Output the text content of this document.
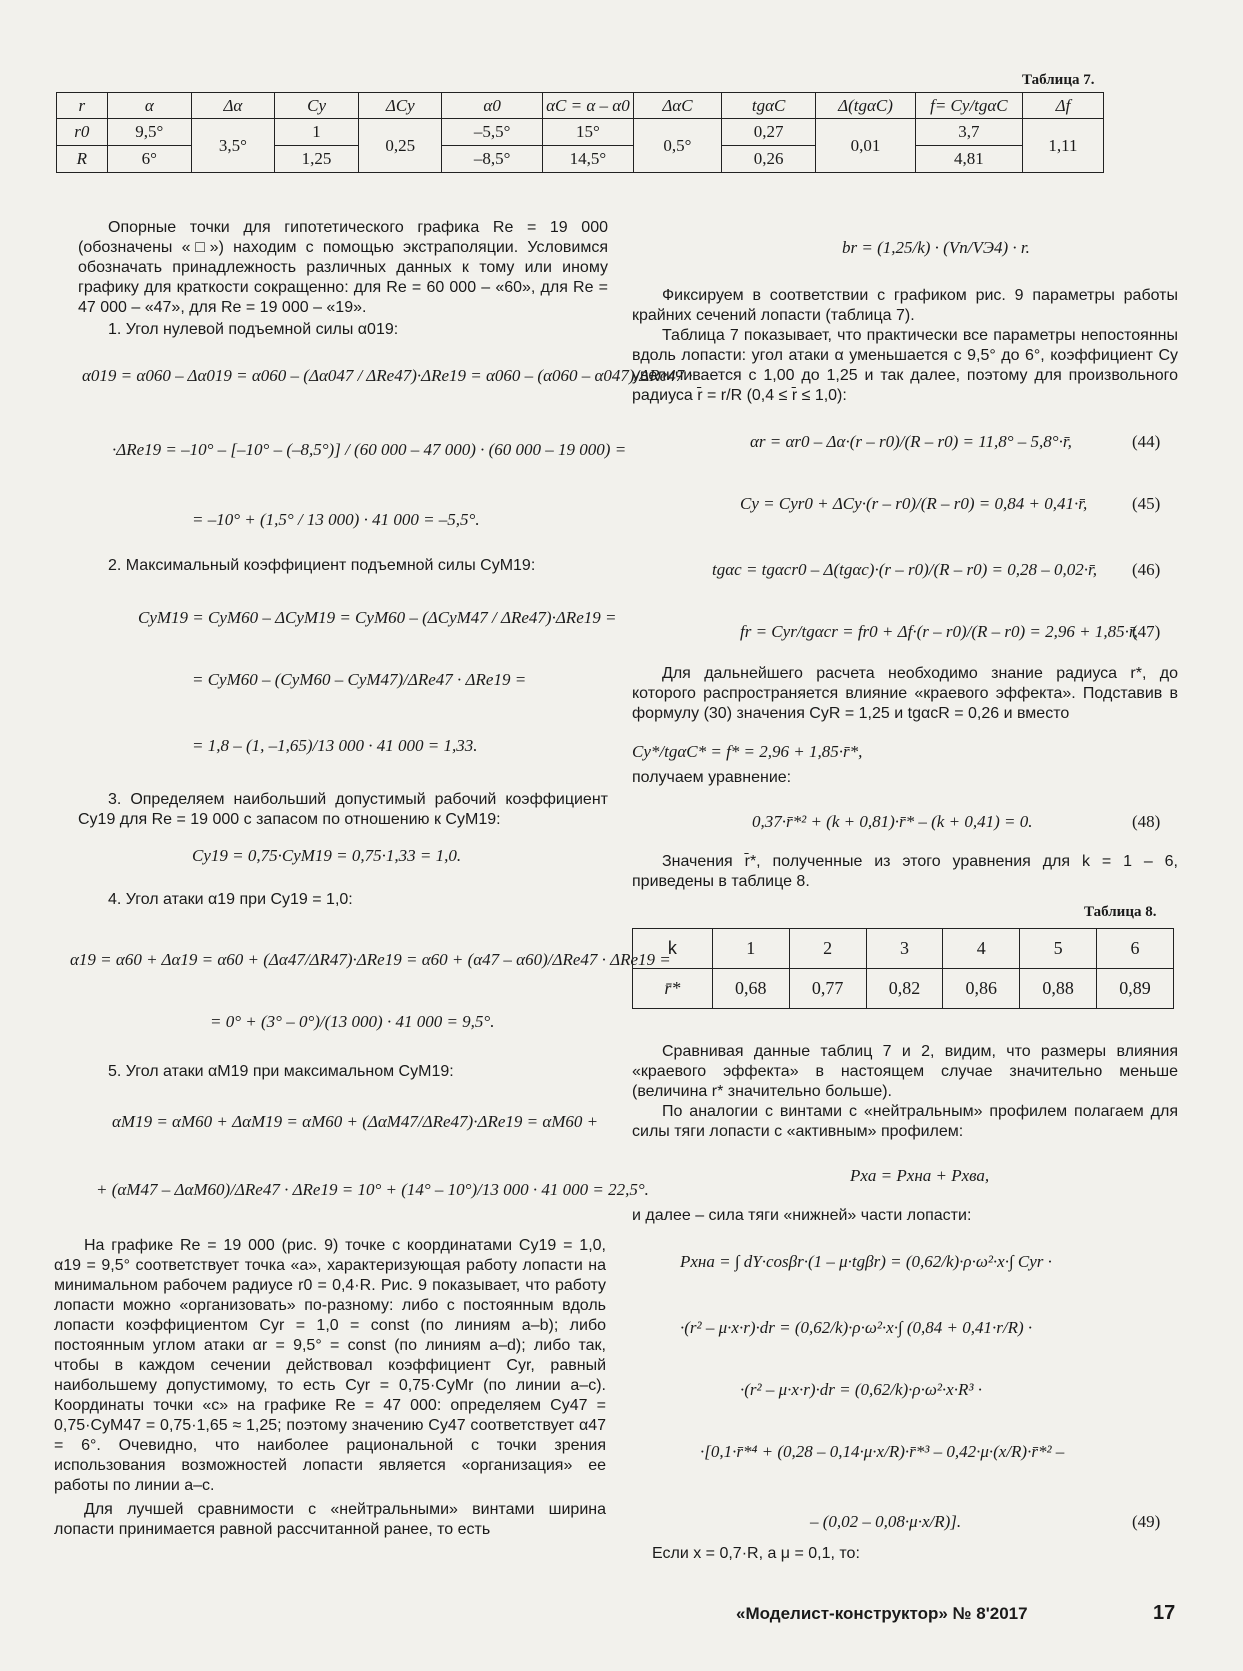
Таблица 7.
r	α	Δα	Cy	ΔCy	α0	αC = α – α0	ΔαC	tgαC	Δ(tgαC)	f= Cy/tgαC	Δf
r0	9,5°	3,5°	1	0,25	–5,5°	15°	0,5°	0,27	0,01	3,7	1,11
R	6°		1,25		–8,5°	14,5°		0,26		4,81	

Опорные точки для гипотетического графика Re = 19 000 (обозначены «□») находим с помощью экстраполяции. Условимся обозначать принадлежность различных данных к тому или иному графику для краткости сокращенно: для Re = 60 000 – «60», для Re = 47 000 – «47», для Re = 19 000 – «19».

1. Угол нулевой подъемной силы α019:

α019 = α060 – Δα019 = α060 – (Δα047 / ΔRe47)·ΔRe19 = α060 – (α060 – α047)/ΔRe47 ·
·ΔRe19 = –10° – [–10° – (–8,5°)] / (60 000 – 47 000) · (60 000 – 19 000) =
= –10° + (1,5° / 13 000) · 41 000 = –5,5°.

2. Максимальный коэффициент подъемной силы CyM19:

CyM19 = CyM60 – ΔCyM19 = CyM60 – (ΔCyM47 / ΔRe47)·ΔRe19 =
= CyM60 – (CyM60 – CyM47)/ΔRe47 · ΔRe19 =
= 1,8 – (1, –1,65)/13 000 · 41 000 = 1,33.

3. Определяем наибольший допустимый рабочий коэффициент Cy19 для Re = 19 000 с запасом по отношению к CyM19:

Cy19 = 0,75·CyM19 = 0,75·1,33 = 1,0.

4. Угол атаки α19 при Cy19 = 1,0:

α19 = α60 + Δα19 = α60 + (Δα47/ΔR47)·ΔRe19 = α60 + (α47 – α60)/ΔRe47 · ΔRe19 =
= 0° + (3° – 0°)/(13 000) · 41 000 = 9,5°.

5. Угол атаки αM19 при максимальном CyM19:

αM19 = αM60 + ΔαM19 = αM60 + (ΔαM47/ΔRe47)·ΔRe19 = αM60 +
+ (αM47 – ΔαM60)/ΔRe47 · ΔRe19 = 10° + (14° – 10°)/13 000 · 41 000 = 22,5°.

На графике Re = 19 000 (рис. 9) точке с координатами Cy19 = 1,0, α19 = 9,5° соответствует точка «а», характеризующая работу лопасти на минимальном рабочем радиусе r0 = 0,4·R. Рис. 9 показывает, что работу лопасти можно «организовать» по-разному: либо с постоянным вдоль лопасти коэффициентом Cyr = 1,0 = const (по линиям а–b); либо постоянным углом атаки αr = 9,5° = const (по линиям а–d); либо так, чтобы в каждом сечении действовал коэффициент Cyr, равный наибольшему допустимому, то есть Cyr = 0,75·CyMr (по линии а–c). Координаты точки «с» на графике Re = 47 000: определяем Cy47 = 0,75·CyM47 = 0,75·1,65 ≈ 1,25; поэтому значению Cy47 соответствует α47 = 6°. Очевидно, что наиболее рациональной с точки зрения использования возможностей лопасти является «организация» ее работы по линии а–с.

Для лучшей сравнимости с «нейтральными» винтами ширина лопасти принимается равной рассчитанной ранее, то есть

br = (1,25/k) · (Vп/VЭ4) · r.

Фиксируем в соответствии с графиком рис. 9 параметры работы крайних сечений лопасти (таблица 7).

Таблица 7 показывает, что практически все параметры непостоянны вдоль лопасти: угол атаки α уменьшается с 9,5° до 6°, коэффициент Cy увеличивается с 1,00 до 1,25 и так далее, поэтому для произвольного радиуса r̄ = r/R (0,4 ≤ r̄ ≤ 1,0):

αr = αr0 – Δα·(r – r0)/(R – r0) = 11,8° – 5,8°·r̄,	(44)
Cy = Cyr0 + ΔCy·(r – r0)/(R – r0) = 0,84 + 0,41·r̄,	(45)
tgαc = tgαcr0 – Δ(tgαc)·(r – r0)/(R – r0) = 0,28 – 0,02·r̄, (46)
fr = Cyr/tgαcr = fr0 + Δf·(r – r0)/(R – r0) = 2,96 + 1,85·r̄,
(47)

Для дальнейшего расчета необходимо знание радиуса r*, до которого распространяется влияние «краевого эффекта». Подставив в формулу (30) значения CyR = 1,25 и tgαcR = 0,26 и вместо

Cy*/tgαC* = f* = 2,96 + 1,85·r̄*,

получаем уравнение:

0,37·r̄*² + (k + 0,81)·r̄* – (k + 0,41) = 0.	(48)

Значения r̄*, полученные из этого уравнения для k = 1 – 6, приведены в таблице 8.

Таблица 8.
k	1	2	3	4	5	6
r̄*	0,68	0,77	0,82	0,86	0,88	0,89

Сравнивая данные таблиц 7 и 2, видим, что размеры влияния «краевого эффекта» в настоящем случае значительно меньше (величина r* значительно больше).

По аналогии с винтами с «нейтральным» профилем полагаем для силы тяги лопасти с «активным» профилем:

Pxa = Pxнa + Pxва,

и далее – сила тяги «нижней» части лопасти:

Pxнa = ∫ dY·cosβr·(1 – μ·tgβr) = (0,62/k)·ρ·ω²·x·∫ Cyr ·
·(r² – μ·x·r)·dr = (0,62/k)·ρ·ω²·x·∫ (0,84 + 0,41·r/R) ·
·(r² – μ·x·r)·dr = (0,62/k)·ρ·ω²·x·R³ ·
·[0,1·r̄*⁴ + (0,28 – 0,14·μ·x/R)·r̄*³ – 0,42·μ·(x/R)·r̄*² –
– (0,02 – 0,08·μ·x/R)].	(49)

Если x = 0,7·R, а μ = 0,1, то:

«Моделист-конструктор» № 8'2017	17
